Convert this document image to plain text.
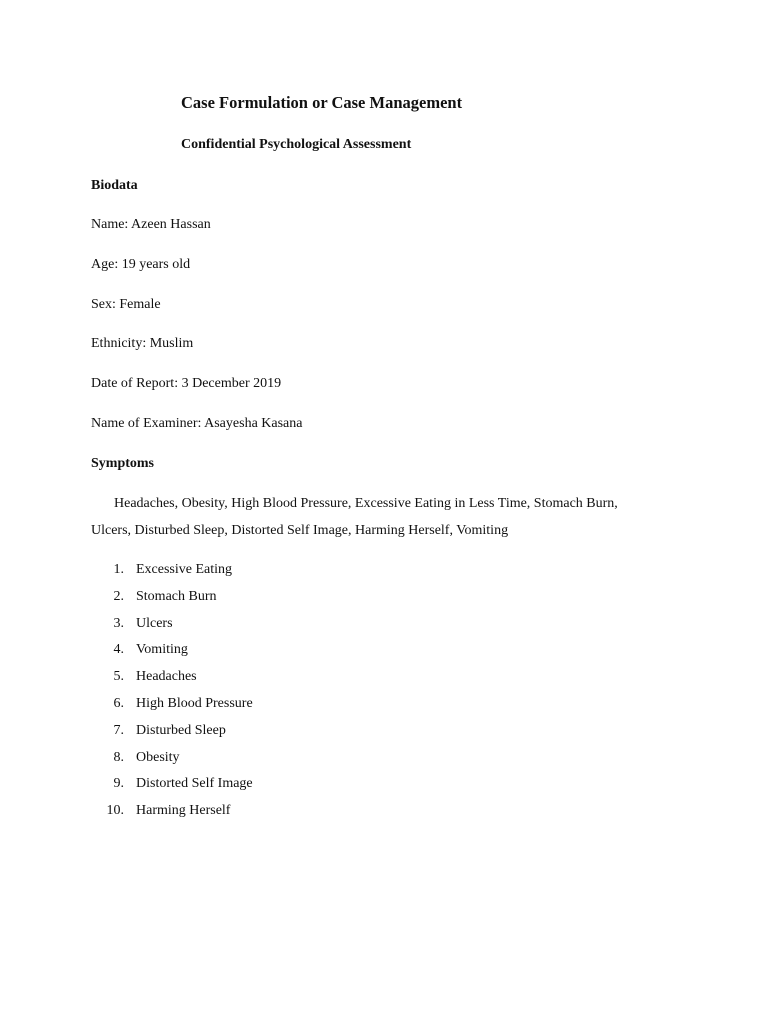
Case Formulation or Case Management
Confidential Psychological Assessment
Biodata
Name: Azeen Hassan
Age: 19 years old
Sex: Female
Ethnicity: Muslim
Date of Report: 3 December 2019
Name of Examiner: Asayesha Kasana
Symptoms
Headaches, Obesity, High Blood Pressure, Excessive Eating in Less Time, Stomach Burn,
Ulcers, Disturbed Sleep, Distorted Self Image, Harming Herself, Vomiting
1. Excessive Eating
2. Stomach Burn
3. Ulcers
4. Vomiting
5. Headaches
6. High Blood Pressure
7. Disturbed Sleep
8. Obesity
9. Distorted Self Image
10. Harming Herself
